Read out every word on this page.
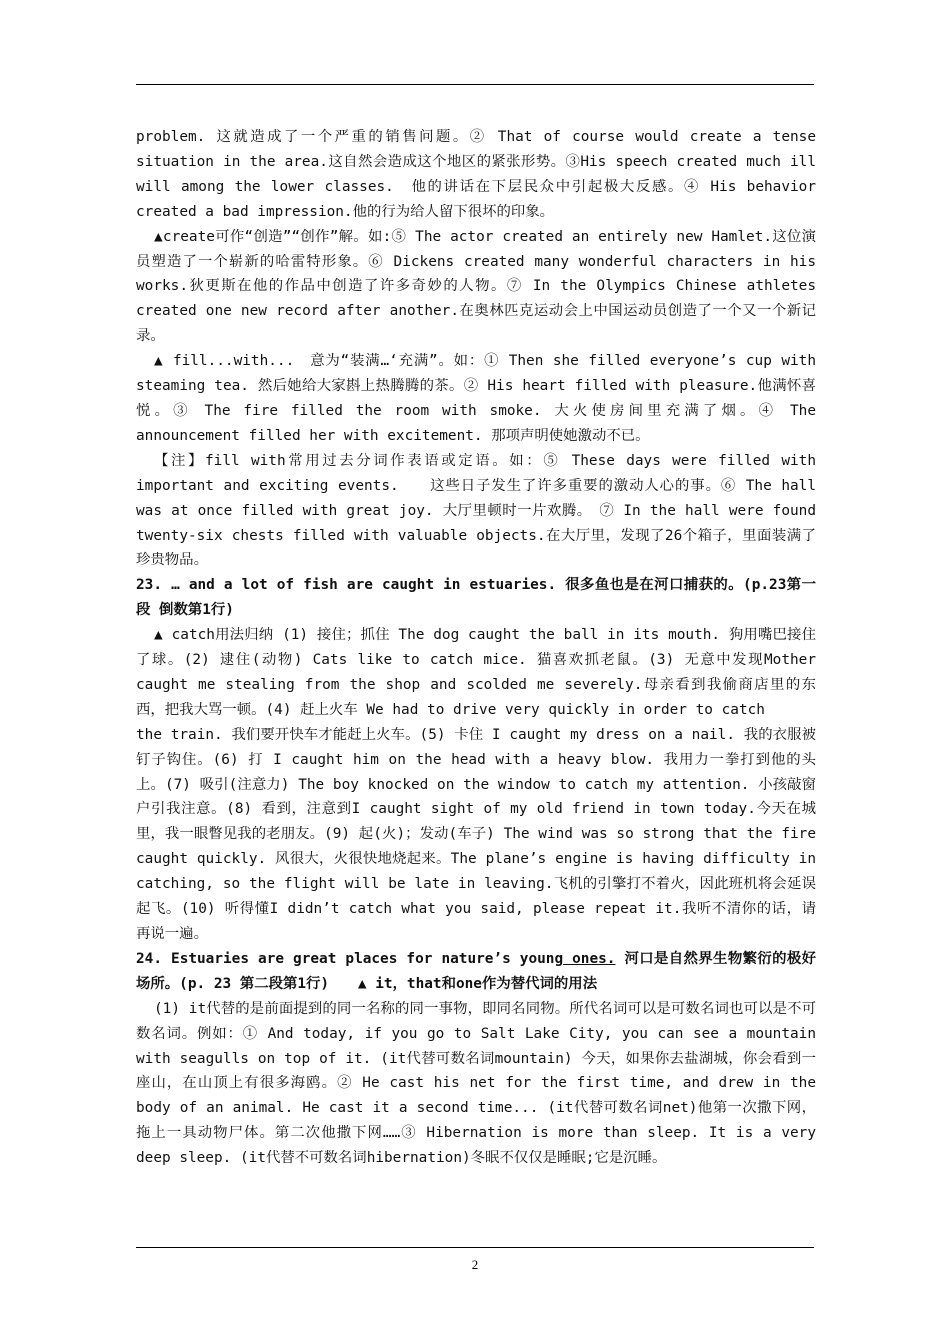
problem. 这就造成了一个严重的销售问题。② That of course would create a tense situation in the area.这自然会造成这个地区的紧张形势。③His speech created much ill will among the lower classes.　他的讲话在下层民众中引起极大反感。④ His behavior created a bad impression.他的行为给人留下很坏的印象。

▲create可作“创造”“创作”解。如:⑤ The actor created an entirely new Hamlet.这位演员塑造了一个崭新的哈雷特形象。⑥ Dickens created many wonderful characters in his works.狄更斯在他的作品中创造了许多奇妙的人物。⑦ In the Olympics Chinese athletes created one new record after another.在奥林匹克运动会上中国运动员创造了一个又一个新记录。

▲ fill...with...　意为“装满…‘充满”。如：① Then she filled everyone’s cup with steaming tea. 然后她给大家斟上热腾腾的茶。② His heart filled with pleasure.他满怀喜悦。③ The fire filled the room with smoke. 大火使房间里充满了烟。④ The announcement filled her with excitement. 那项声明使她激动不已。

【注】fill with常用过去分词作表语或定语。如：⑤ These days were filled with important and exciting events.　　这些日子发生了许多重要的激动人心的事。⑥ The hall was at once filled with great joy. 大厅里顿时一片欢腾。　⑦ In the hall were found twenty-six chests filled with valuable objects.在大厅里，发现了26个箱子，里面装满了珍贵物品。

23. … and a lot of fish are caught in estuaries. 很多鱼也是在河口捕获的。(p.23第一段 倒数第1行)

▲ catch用法归纳 (1) 接住；抓住 The dog caught the ball in its mouth. 狗用嘴巴接住了球。(2) 逮住(动物) Cats like to catch mice. 猫喜欢抓老鼠。(3) 无意中发现Mother caught me stealing from the shop and scolded me severely.母亲看到我偷商店里的东西，把我大骂一顿。(4) 赶上火车 We had to drive very quickly in order to catch

the train. 我们要开快车才能赶上火车。(5) 卡住 I caught my dress on a nail. 我的衣服被钉子钩住。(6) 打 I caught him on the head with a heavy blow. 我用力一拳打到他的头上。(7) 吸引(注意力) The boy knocked on the window to catch my attention. 小孩敲窗户引我注意。(8) 看到，注意到I caught sight of my old friend in town today.今天在城里，我一眼瞥见我的老朋友。(9) 起(火)；发动(车子) The wind was so strong that the fire caught quickly. 风很大，火很快地烧起来。The plane’s engine is having difficulty in catching, so the flight will be late in leaving.飞机的引擎打不着火，因此班机将会延误起飞。(10) 听得懂I didn’t catch what you said, please repeat it.我听不清你的话，请再说一遍。

24. Estuaries are great places for nature’s young ones. 河口是自然界生物繁衍的极好场所。(p. 23 第二段第1行)　　▲ it，that和one作为替代词的用法

(1) it代替的是前面提到的同一名称的同一事物，即同名同物。所代名词可以是可数名词也可以是不可数名词。例如：① And today, if you go to Salt Lake City, you can see a mountain with seagulls on top of it. (it代替可数名词mountain) 今天，如果你去盐湖城，你会看到一座山，在山顶上有很多海鸥。② He cast his net for the first time, and drew in the body of an animal. He cast it a second time... (it代替可数名词net)他第一次撒下网，拖上一具动物尸体。第二次他撒下网……③ Hibernation is more than sleep. It is a very deep sleep. (it代替不可数名词hibernation)冬眠不仅仅是睡眠;它是沉睡。

2
